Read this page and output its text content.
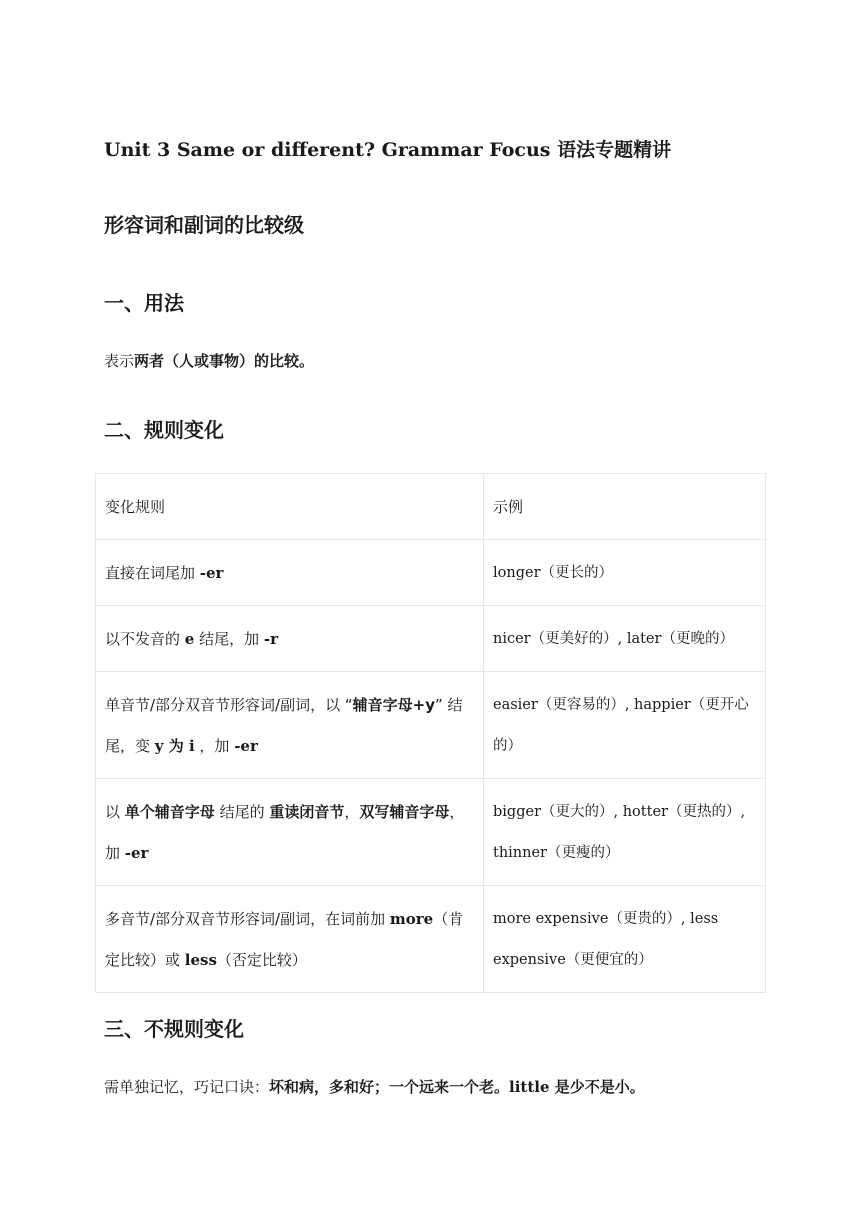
Unit 3 Same or different? Grammar Focus 语法专题精讲
形容词和副词的比较级
一、用法
表示两者（人或事物）的比较。
二、规则变化
变化规则	示例
直接在词尾加 -er	longer（更长的）
以不发音的 e 结尾，加 -r	nicer（更美好的）, later（更晚的）
单音节/部分双音节形容词/副词，以 “辅音字母+y” 结尾，变 y 为 i ，加 -er	easier（更容易的）, happier（更开心的）
以 单个辅音字母 结尾的 重读闭音节，双写辅音字母，加 -er	bigger（更大的）, hotter（更热的）, thinner（更瘦的）
多音节/部分双音节形容词/副词，在词前加 more（肯定比较）或 less（否定比较）	more expensive（更贵的）, less expensive（更便宜的）
三、不规则变化
需单独记忆，巧记口诀：坏和病，多和好；一个远来一个老。little 是少不是小。
